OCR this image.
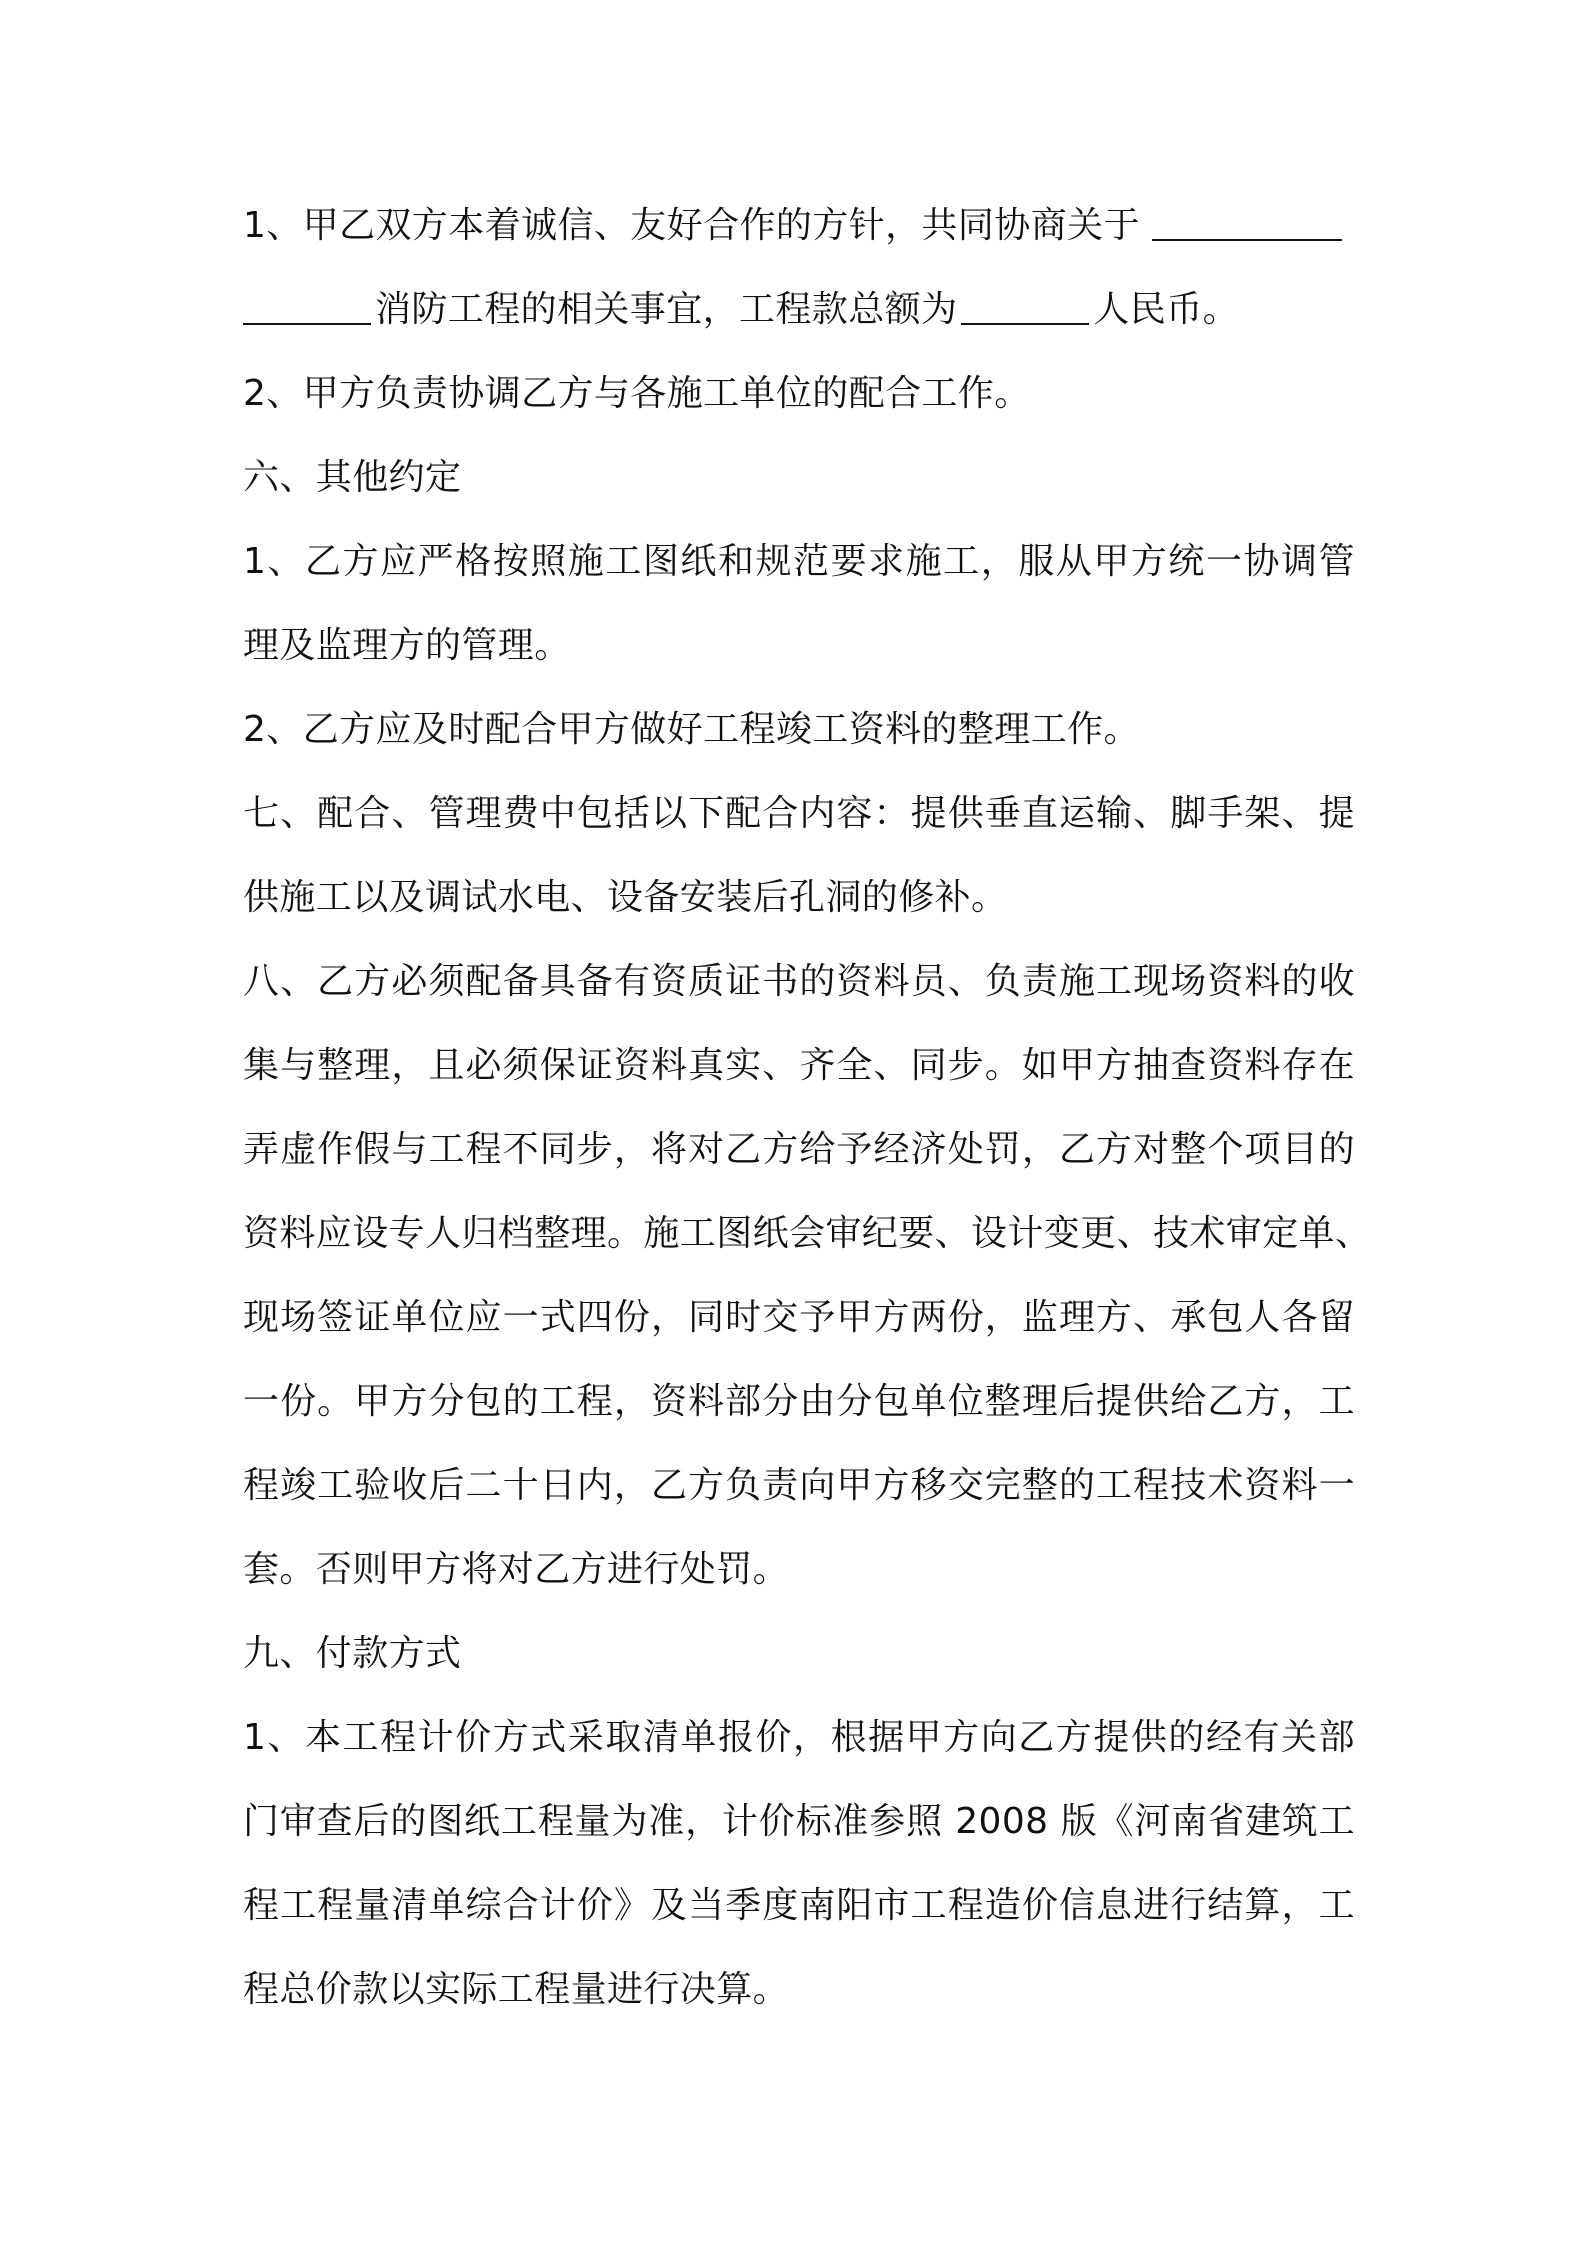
1、甲乙双方本着诚信、友好合作的方针，共同协商关于
消防工程的相关事宜，工程款总额为	人民币。
2、甲方负责协调乙方与各施工单位的配合工作。
六、其他约定
1、乙方应严格按照施工图纸和规范要求施工，服从甲方统一协调管
理及监理方的管理。
2、乙方应及时配合甲方做好工程竣工资料的整理工作。
七、配合、管理费中包括以下配合内容：提供垂直运输、脚手架、提
供施工以及调试水电、设备安装后孔洞的修补。
八、乙方必须配备具备有资质证书的资料员、负责施工现场资料的收
集与整理，且必须保证资料真实、齐全、同步。如甲方抽查资料存在
弄虚作假与工程不同步，将对乙方给予经济处罚，乙方对整个项目的
资料应设专人归档整理。施工图纸会审纪要、设计变更、技术审定单、
现场签证单位应一式四份，同时交予甲方两份，监理方、承包人各留
一份。甲方分包的工程，资料部分由分包单位整理后提供给乙方，工
程竣工验收后二十日内，乙方负责向甲方移交完整的工程技术资料一
套。否则甲方将对乙方进行处罚。
九、付款方式
1、本工程计价方式采取清单报价，根据甲方向乙方提供的经有关部
门审查后的图纸工程量为准，计价标准参照 2008 版《河南省建筑工
程工程量清单综合计价》及当季度南阳市工程造价信息进行结算，工
程总价款以实际工程量进行决算。
